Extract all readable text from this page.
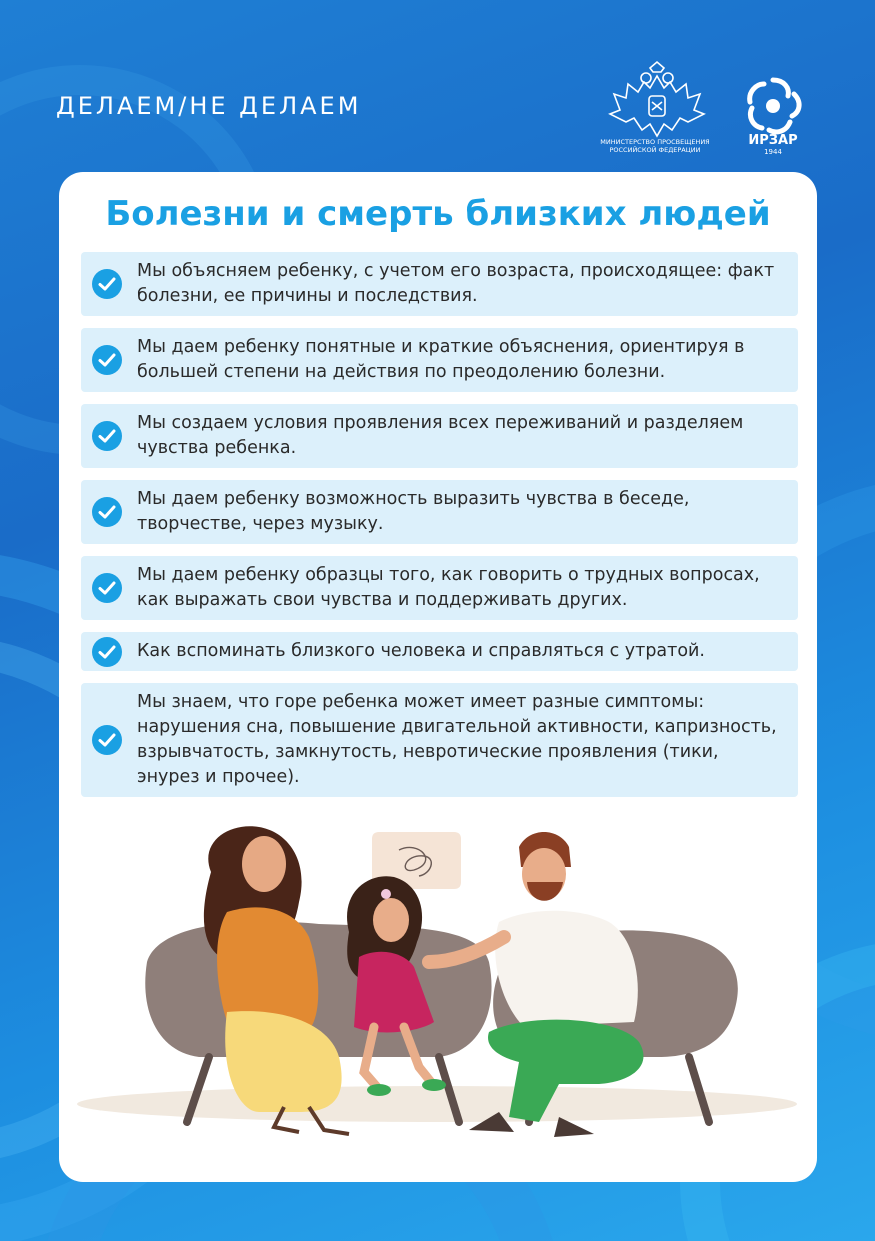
ДЕЛАЕМ/НЕ ДЕЛАЕМ
МИНИСТЕРСТВО ПРОСВЕЩЕНИЯ
РОССИЙСКОЙ ФЕДЕРАЦИИ
ИРЗАР
1944
Болезни и смерть близких людей
Мы объясняем ребенку, с учетом его возраста, происходящее: факт болезни, ее причины и последствия.
Мы даем ребенку понятные и краткие объяснения, ориентируя в большей степени на действия по преодолению болезни.
Мы создаем условия проявления всех переживаний и разделяем чувства ребенка.
Мы даем ребенку возможность выразить чувства в беседе, творчестве, через музыку.
Мы даем ребенку образцы того, как говорить о трудных вопросах, как выражать свои чувства и поддерживать других.
Как вспоминать близкого человека и справляться с утратой.
Мы знаем, что горе ребенка может имеет разные симптомы: нарушения сна, повышение двигательной активности, капризность, взрывчатость, замкнутость, невротические проявления (тики, энурез и прочее).
